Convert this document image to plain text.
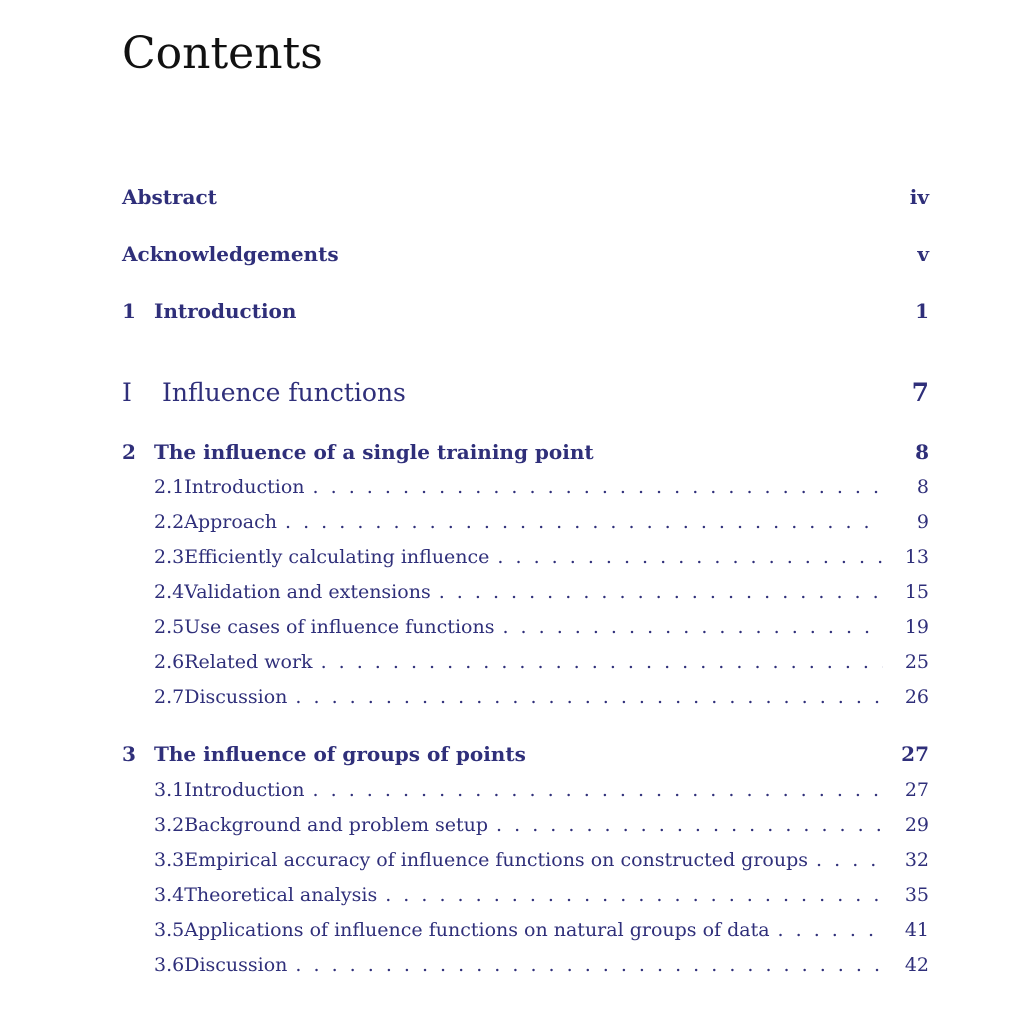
Contents
Abstract	iv
Acknowledgements	v
1 Introduction	1
I	Influence functions	7
2 The influence of a single training point	8
2.1 Introduction . . .	8
2.2 Approach . . .	9
2.3 Efficiently calculating influence . . .	13
2.4 Validation and extensions . . .	15
2.5 Use cases of influence functions . . .	19
2.6 Related work . . .	25
2.7 Discussion . . .	26
3 The influence of groups of points	27
3.1 Introduction . . .	27
3.2 Background and problem setup . . .	29
3.3 Empirical accuracy of influence functions on constructed groups . . .	32
3.4 Theoretical analysis . . .	35
3.5 Applications of influence functions on natural groups of data . . .	41
3.6 Discussion . . .	42
